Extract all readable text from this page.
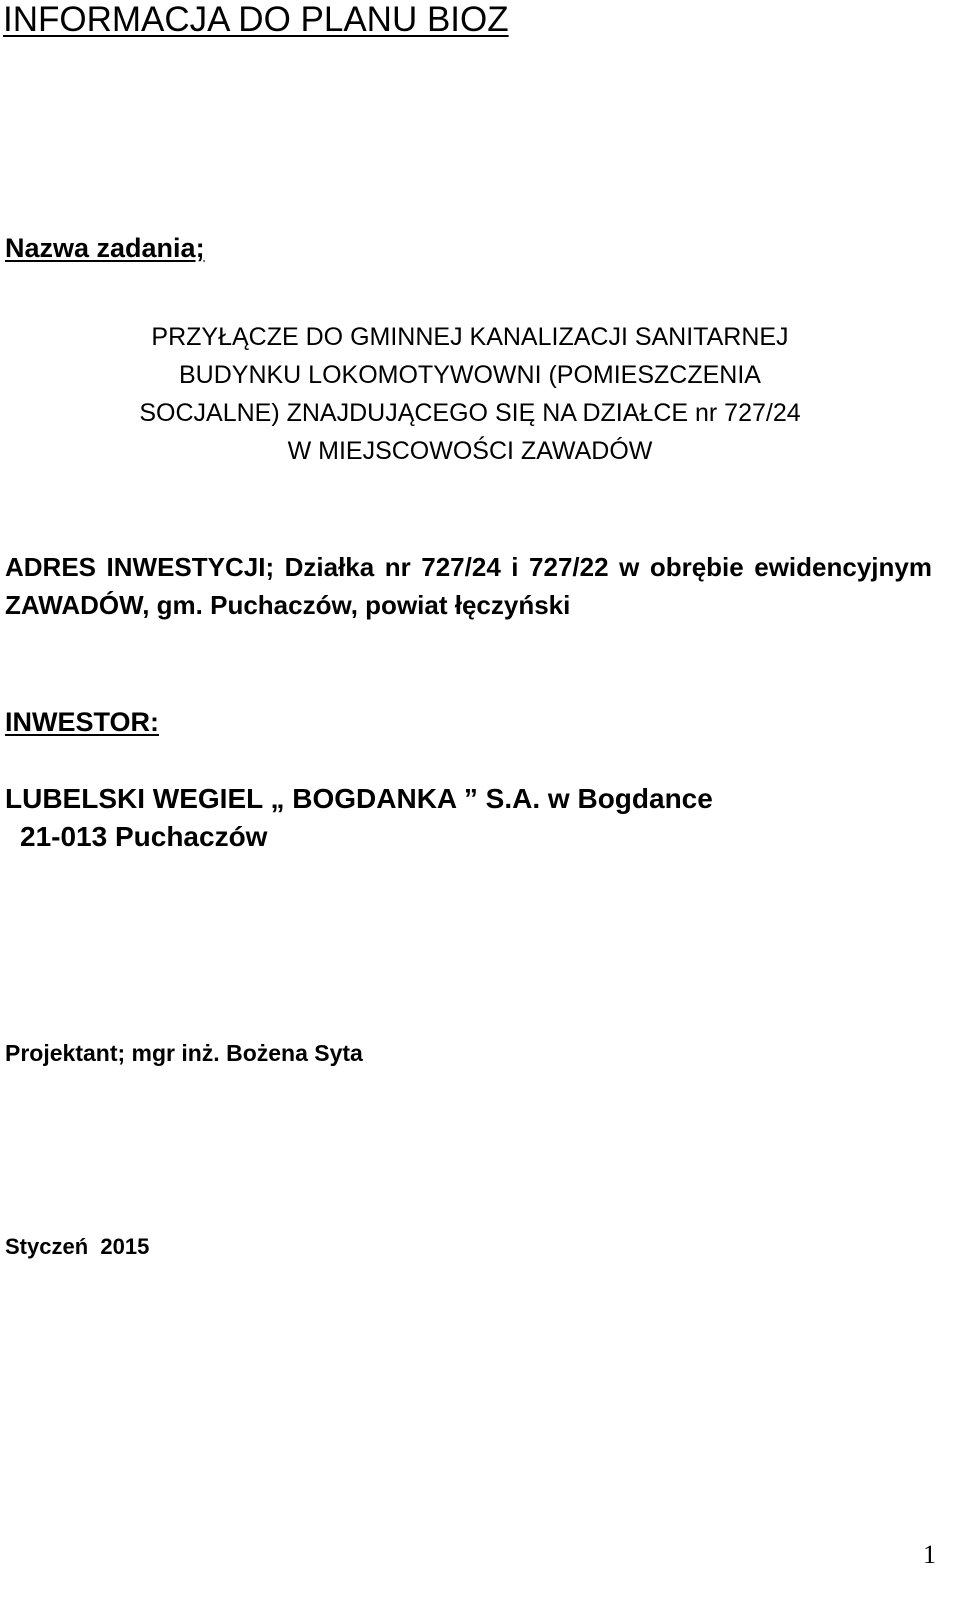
INFORMACJA DO PLANU BIOZ
Nazwa zadania;
PRZYŁĄCZE DO GMINNEJ KANALIZACJI SANITARNEJ
BUDYNKU LOKOMOTYWOWNI (POMIESZCZENIA
SOCJALNE) ZNAJDUJĄCEGO SIĘ NA DZIAŁCE nr 727/24
W MIEJSCOWOŚCI ZAWADÓW
ADRES INWESTYCJI; Działka nr 727/24 i 727/22 w obrębie ewidencyjnym ZAWADÓW, gm. Puchaczów, powiat łęczyński
INWESTOR:
LUBELSKI WEGIEL „ BOGDANKA ” S.A. w Bogdance
21-013 Puchaczów
Projektant; mgr inż. Bożena Syta
Styczeń  2015
1
